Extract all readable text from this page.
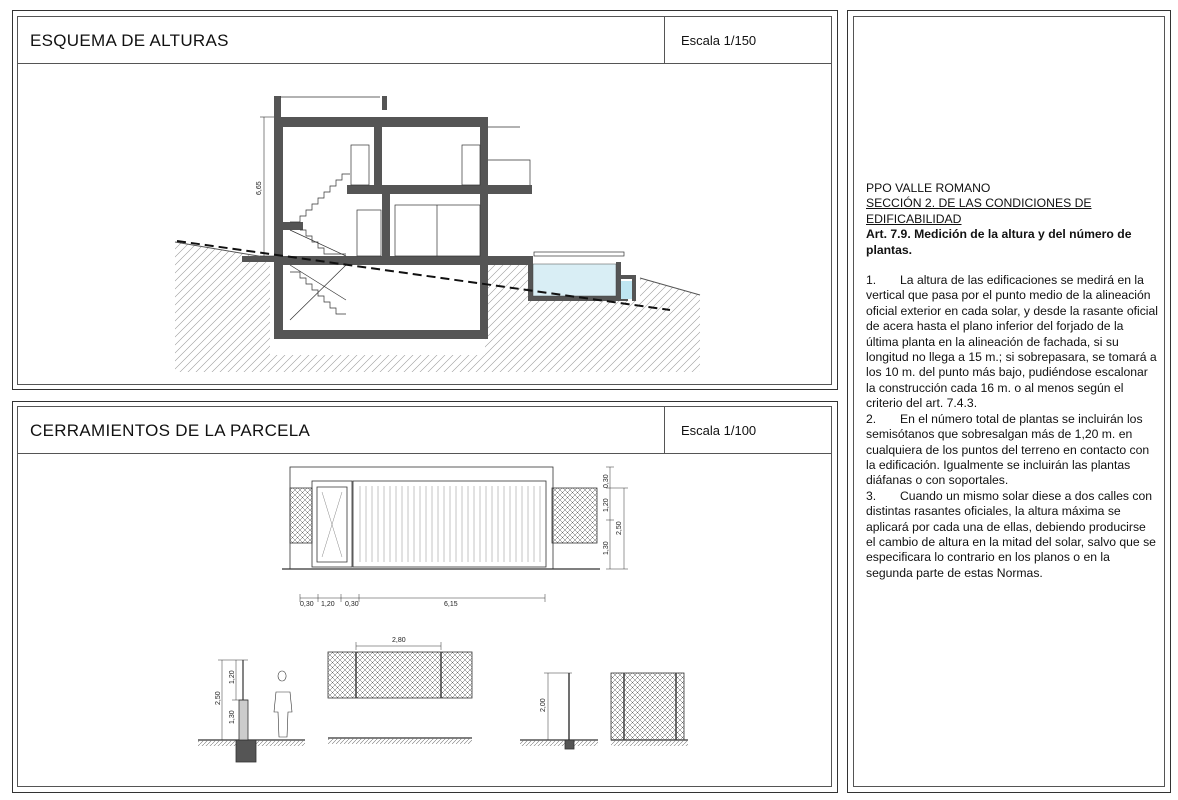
ESQUEMA DE ALTURAS	Escala 1/150
CERRAMIENTOS DE LA PARCELA	Escala 1/100
6,65
0,30 1,20 0,30	6,15
0,30
1,20
1,30
2,50
1,20
1,30
2,50
2,80
2,00

PPO VALLE ROMANO

SECCIÓN 2. DE LAS CONDICIONES DE

EDIFICABILIDAD

Art. 7.9. Medición de la altura y del número de plantas.

1. La altura de las edificaciones se medirá en la vertical que pasa por el punto medio de la alineación oficial exterior en cada solar, y desde la rasante oficial de acera hasta el plano inferior del forjado de la última planta en la alineación de fachada, si su longitud no llega a 15 m.; si sobrepasara, se tomará a los 10 m. del punto más bajo, pudiéndose escalonar la construcción cada 16 m. o al menos según el criterio del art. 7.4.3.

2. En el número total de plantas se incluirán los semisótanos que sobresalgan más de 1,20 m. en cualquiera de los puntos del terreno en contacto con la edificación. Igualmente se incluirán las plantas diáfanas o con soportales.

3. Cuando un mismo solar diese a dos calles con distintas rasantes oficiales, la altura máxima se aplicará por cada una de ellas, debiendo producirse el cambio de altura en la mitad del solar, salvo que se especificara lo contrario en los planos o en la segunda parte de estas Normas.
